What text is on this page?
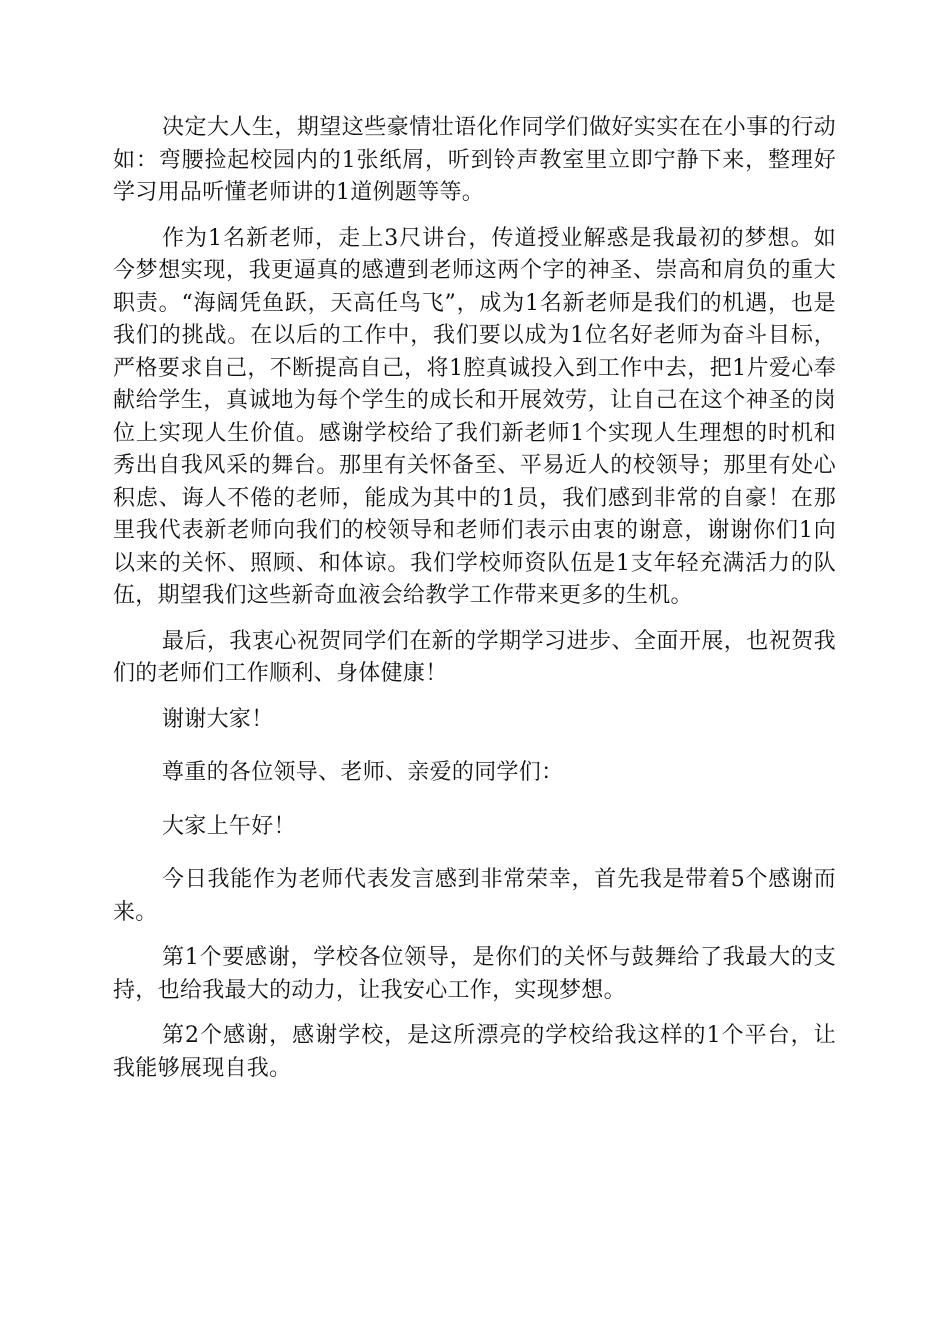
决定大人生，期望这些豪情壮语化作同学们做好实实在在小事的行动如：弯腰捡起校园内的1张纸屑，听到铃声教室里立即宁静下来，整理好学习用品听懂老师讲的1道例题等等。

作为1名新老师，走上3尺讲台，传道授业解惑是我最初的梦想。如今梦想实现，我更逼真的感遭到老师这两个字的神圣、崇高和肩负的重大职责。“海阔凭鱼跃，天高任鸟飞”，成为1名新老师是我们的机遇，也是我们的挑战。在以后的工作中，我们要以成为1位名好老师为奋斗目标，严格要求自己，不断提高自己，将1腔真诚投入到工作中去，把1片爱心奉献给学生，真诚地为每个学生的成长和开展效劳，让自己在这个神圣的岗位上实现人生价值。感谢学校给了我们新老师1个实现人生理想的时机和秀出自我风采的舞台。那里有关怀备至、平易近人的校领导；那里有处心积虑、诲人不倦的老师，能成为其中的1员，我们感到非常的自豪！在那里我代表新老师向我们的校领导和老师们表示由衷的谢意，谢谢你们1向以来的关怀、照顾、和体谅。我们学校师资队伍是1支年轻充满活力的队伍，期望我们这些新奇血液会给教学工作带来更多的生机。

最后，我衷心祝贺同学们在新的学期学习进步、全面开展，也祝贺我们的老师们工作顺利、身体健康！

谢谢大家！

尊重的各位领导、老师、亲爱的同学们：

大家上午好！

今日我能作为老师代表发言感到非常荣幸，首先我是带着5个感谢而来。

第1个要感谢，学校各位领导，是你们的关怀与鼓舞给了我最大的支持，也给我最大的动力，让我安心工作，实现梦想。

第2个感谢，感谢学校，是这所漂亮的学校给我这样的1个平台，让我能够展现自我。
